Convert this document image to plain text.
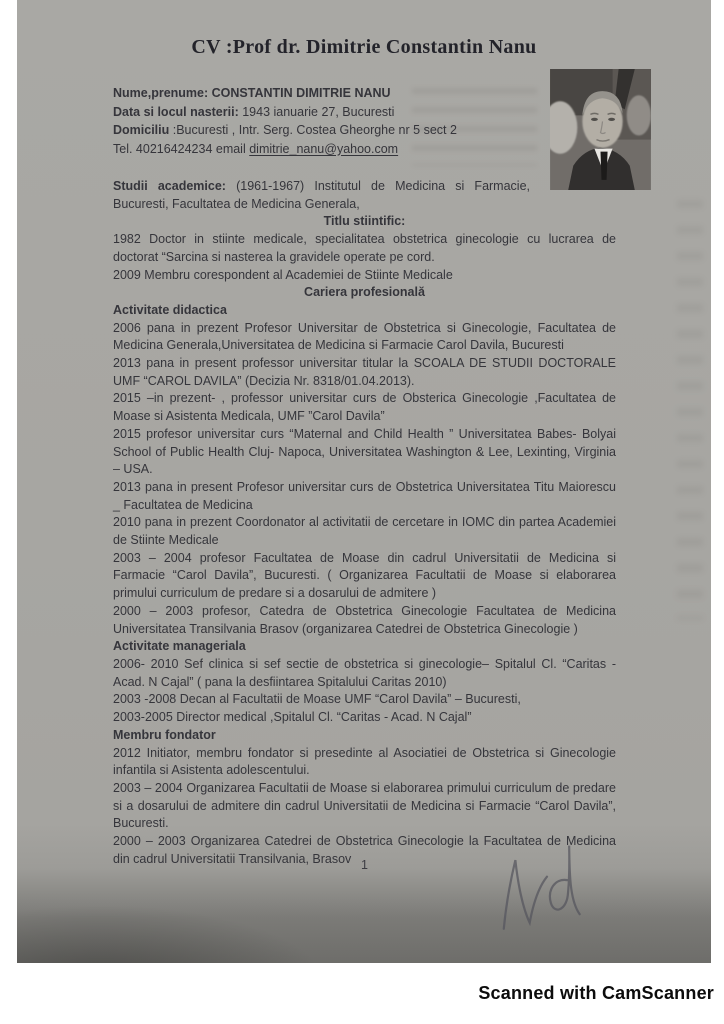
CV :Prof dr. Dimitrie Constantin Nanu

Nume,prenume: CONSTANTIN DIMITRIE NANU

Data si locul nasterii: 1943 ianuarie 27, Bucuresti

Domiciliu :Bucuresti , Intr. Serg. Costea Gheorghe nr 5 sect 2

Tel. 40216424234 email dimitrie_nanu@yahoo.com

Studii academice: (1961-1967) Institutul de Medicina si Farmacie, Bucuresti, Facultatea de Medicina Generala,

Titlu stiintific:

1982 Doctor in stiinte medicale, specialitatea obstetrica ginecologie cu lucrarea de doctorat “Sarcina si nasterea la gravidele operate pe cord.

2009 Membru corespondent al Academiei de Stiinte Medicale

Cariera profesională

Activitate didactica

2006 pana in prezent Profesor Universitar de Obstetrica si Ginecologie, Facultatea de Medicina Generala,Universitatea de Medicina si Farmacie Carol Davila, Bucuresti

2013 pana in present professor universitar titular la SCOALA DE STUDII DOCTORALE UMF “CAROL DAVILA” (Decizia Nr. 8318/01.04.2013).

2015 –in prezent- , professor universitar curs de Obsterica Ginecologie ,Facultatea de Moase si Asistenta Medicala, UMF ”Carol Davila”

2015 profesor universitar curs “Maternal and Child Health ” Universitatea Babes- Bolyai School of Public Health Cluj- Napoca, Universitatea Washington & Lee, Lexinting, Virginia – USA.

2013 pana in present Profesor universitar curs de Obstetrica Universitatea Titu Maiorescu _ Facultatea de Medicina

2010 pana in prezent Coordonator al activitatii de cercetare in IOMC din partea Academiei de Stiinte Medicale

2003 – 2004 profesor Facultatea de Moase din cadrul Universitatii de Medicina si Farmacie “Carol Davila”, Bucuresti. ( Organizarea Facultatii de Moase si elaborarea primului curriculum de predare si a dosarului de admitere )

2000 – 2003 profesor, Catedra de Obstetrica Ginecologie Facultatea de Medicina Universitatea Transilvania Brasov (organizarea Catedrei de Obstetrica Ginecologie )

Activitate manageriala

2006- 2010 Sef clinica si sef sectie de obstetrica si ginecologie– Spitalul Cl. “Caritas - Acad. N Cajal” ( pana la desfiintarea Spitalului Caritas 2010)

2003 -2008 Decan al Facultatii de Moase UMF “Carol Davila” – Bucuresti,

2003-2005 Director medical ,Spitalul Cl. “Caritas - Acad. N Cajal”

Membru fondator

2012 Initiator, membru fondator si presedinte al Asociatiei de Obstetrica si Ginecologie infantila si Asistenta adolescentului.

2003 – 2004 Organizarea Facultatii de Moase si elaborarea primului curriculum de predare si a dosarului de admitere din cadrul Universitatii de Medicina si Farmacie “Carol Davila”, Bucuresti.

2000 – 2003 Organizarea Catedrei de Obstetrica Ginecologie la Facultatea de Medicina din cadrul Universitatii Transilvania, Brasov 1
Scanned with CamScanner
